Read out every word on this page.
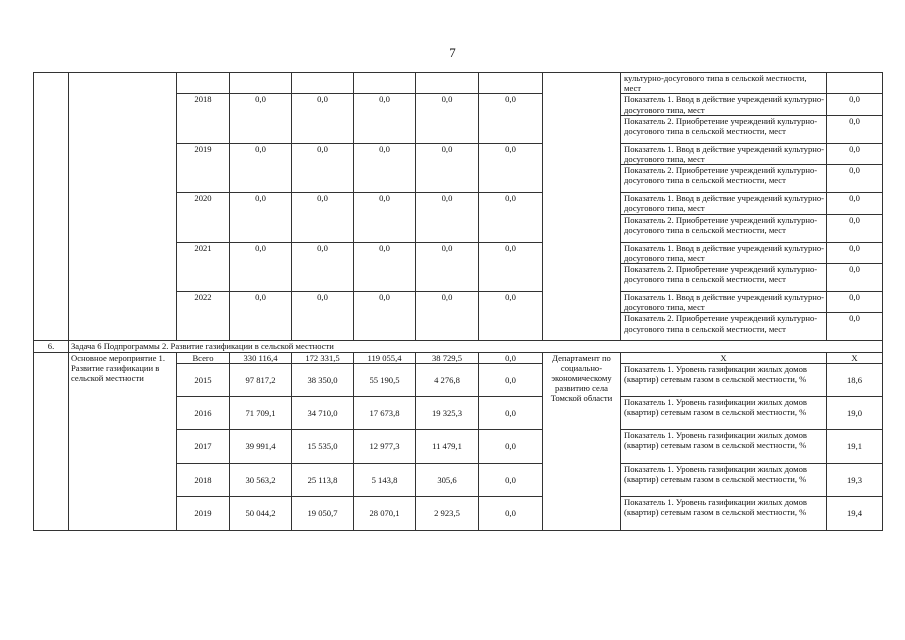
7
									культурно-досугового типа в сельской местности, мест	
		2018	0,0	0,0	0,0	0,0	0,0		Показатель 1. Ввод в действие учреждений культурно-досугового типа, мест	0,0
									Показатель 2. Приобретение учреждений культурно-досугового типа в сельской местности, мест	0,0
		2019	0,0	0,0	0,0	0,0	0,0		Показатель 1. Ввод в действие учреждений культурно-досугового типа, мест	0,0
									Показатель 2. Приобретение учреждений культурно-досугового типа в сельской местности, мест	0,0
		2020	0,0	0,0	0,0	0,0	0,0		Показатель 1. Ввод в действие учреждений культурно-досугового типа, мест	0,0
									Показатель 2. Приобретение учреждений культурно-досугового типа в сельской местности, мест	0,0
		2021	0,0	0,0	0,0	0,0	0,0		Показатель 1. Ввод в действие учреждений культурно-досугового типа, мест	0,0
									Показатель 2. Приобретение учреждений культурно-досугового типа в сельской местности, мест	0,0
		2022	0,0	0,0	0,0	0,0	0,0		Показатель 1. Ввод в действие учреждений культурно-досугового типа, мест	0,0
									Показатель 2. Приобретение учреждений культурно-досугового типа в сельской местности, мест	0,0
6.	Задача 6 Подпрограммы 2. Развитие газификации в сельской местности									
	Основное мероприятие 1. Развитие газификации в сельской местности	Всего	330 116,4	172 331,5	119 055,4	38 729,5	0,0	Департамент по социально-экономическому развитию села Томской области	Х	Х
		2015	97 817,2	38 350,0	55 190,5	4 276,8	0,0		Показатель 1. Уровень газификации жилых домов (квартир) сетевым газом в сельской местности, %	18,6
		2016	71 709,1	34 710,0	17 673,8	19 325,3	0,0		Показатель 1. Уровень газификации жилых домов (квартир) сетевым газом в сельской местности, %	19,0
		2017	39 991,4	15 535,0	12 977,3	11 479,1	0,0		Показатель 1. Уровень газификации жилых домов (квартир) сетевым газом в сельской местности, %	19,1
		2018	30 563,2	25 113,8	5 143,8	305,6	0,0		Показатель 1. Уровень газификации жилых домов (квартир) сетевым газом в сельской местности, %	19,3
		2019	50 044,2	19 050,7	28 070,1	2 923,5	0,0		Показатель 1. Уровень газификации жилых домов (квартир) сетевым газом в сельской местности, %	19,4
